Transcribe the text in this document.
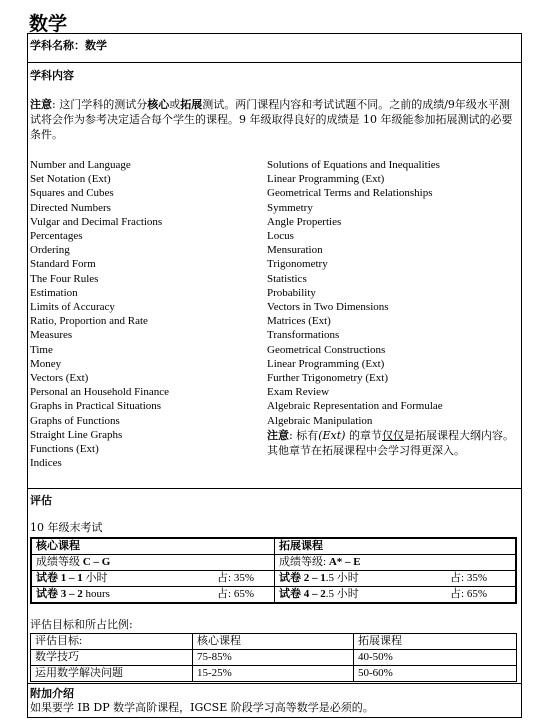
数学
学科名称：数学
学科内容
注意: 这门学科的测试分核心或拓展测试。两门课程内容和考试试题不同。之前的成绩/9年级水平测试将会作为参考决定适合每个学生的课程。9 年级取得良好的成绩是 10 年级能参加拓展测试的必要条件。
Number and Language
Set Notation (Ext)
Squares and Cubes
Directed Numbers
Vulgar and Decimal Fractions
Percentages
Ordering
Standard Form
The Four Rules
Estimation
Limits of Accuracy
Ratio, Proportion and Rate
Measures
Time
Money
Vectors (Ext)
Personal an Household Finance
Graphs in Practical Situations
Graphs of Functions
Straight Line Graphs
Functions (Ext)
Indices
Solutions of Equations and Inequalities
Linear Programming (Ext)
Geometrical Terms and Relationships
Symmetry
Angle Properties
Locus
Mensuration
Trigonometry
Statistics
Probability
Vectors in Two Dimensions
Matrices (Ext)
Transformations
Geometrical Constructions
Linear Programming (Ext)
Further Trigonometry (Ext)
Exam Review
Algebraic Representation and Formulae
Algebraic Manipulation
注意: 标有(Ext) 的章节仅仅是拓展课程大纲内容。其他章节在拓展课程中会学习得更深入。
评估
10 年级末考试
核心课程	拓展课程
成绩等级 C – G	成绩等级: A* – E
试卷 1 – 1 小时 占: 35%	试卷 2 – 1.5 小时 占: 35%

试卷 3 – 2 hours 占: 65%	试卷 4 – 2.5 小时 占: 65%
评估目标和所占比例:
评估目标:	核心课程	拓展课程
数学技巧	75-85%	40-50%
运用数学解决问题	15-25%	50-60%
附加介绍
如果要学 IB DP 数学高阶课程，IGCSE 阶段学习高等数学是必须的。
